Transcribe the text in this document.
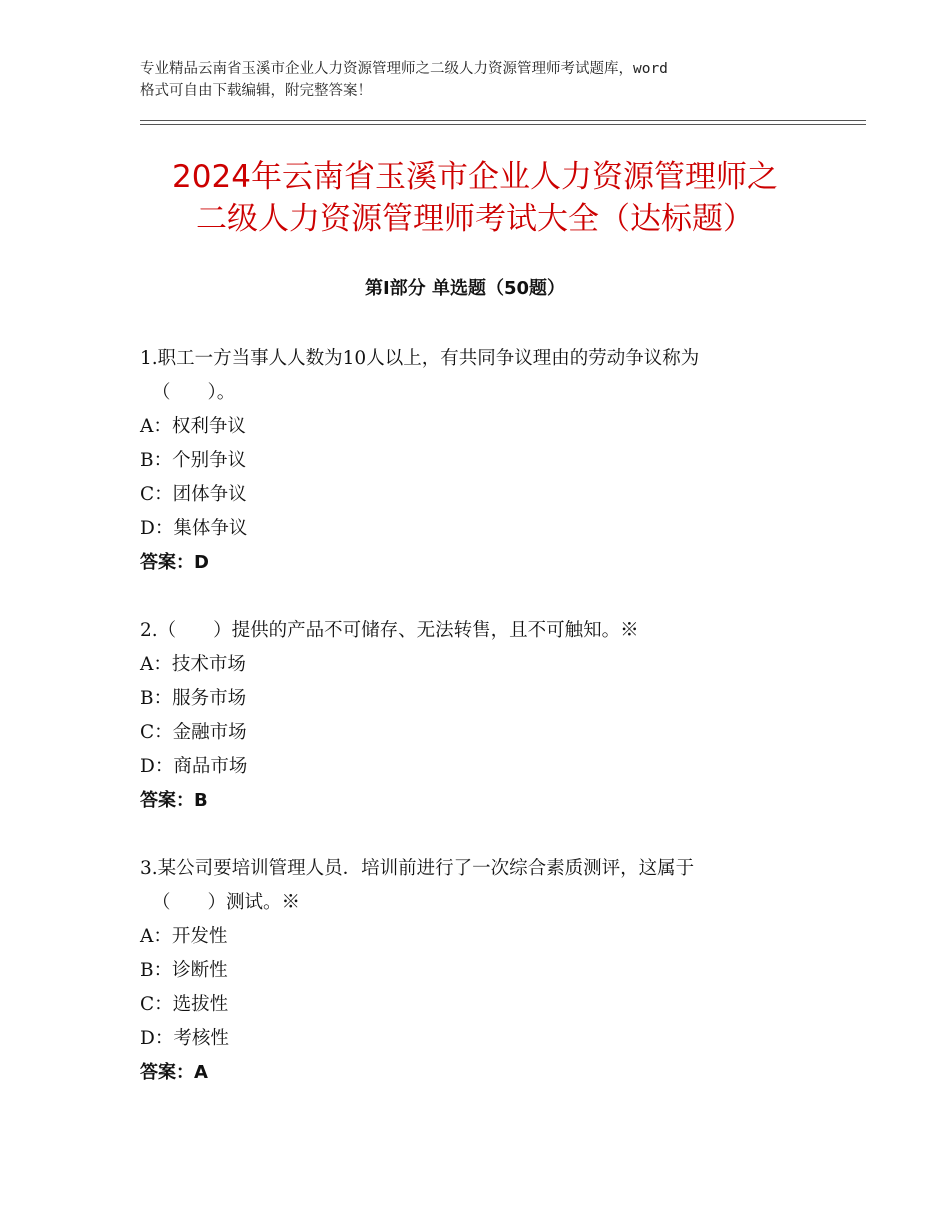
专业精品云南省玉溪市企业人力资源管理师之二级人力资源管理师考试题库，word
格式可自由下载编辑，附完整答案！
2024年云南省玉溪市企业人力资源管理师之
二级人力资源管理师考试大全（达标题）
第Ⅰ部分 单选题（50题）

1.职工一方当事人人数为10人以上，有共同争议理由的劳动争议称为
（　　）。

A：权利争议

B：个别争议

C：团体争议

D：集体争议

答案：D

2.（　　）提供的产品不可储存、无法转售，且不可触知。※

A：技术市场

B：服务市场

C：金融市场

D：商品市场

答案：B

3.某公司要培训管理人员．培训前进行了一次综合素质测评，这属于
（　　）测试。※

A：开发性

B：诊断性

C：选拔性

D：考核性

答案：A
